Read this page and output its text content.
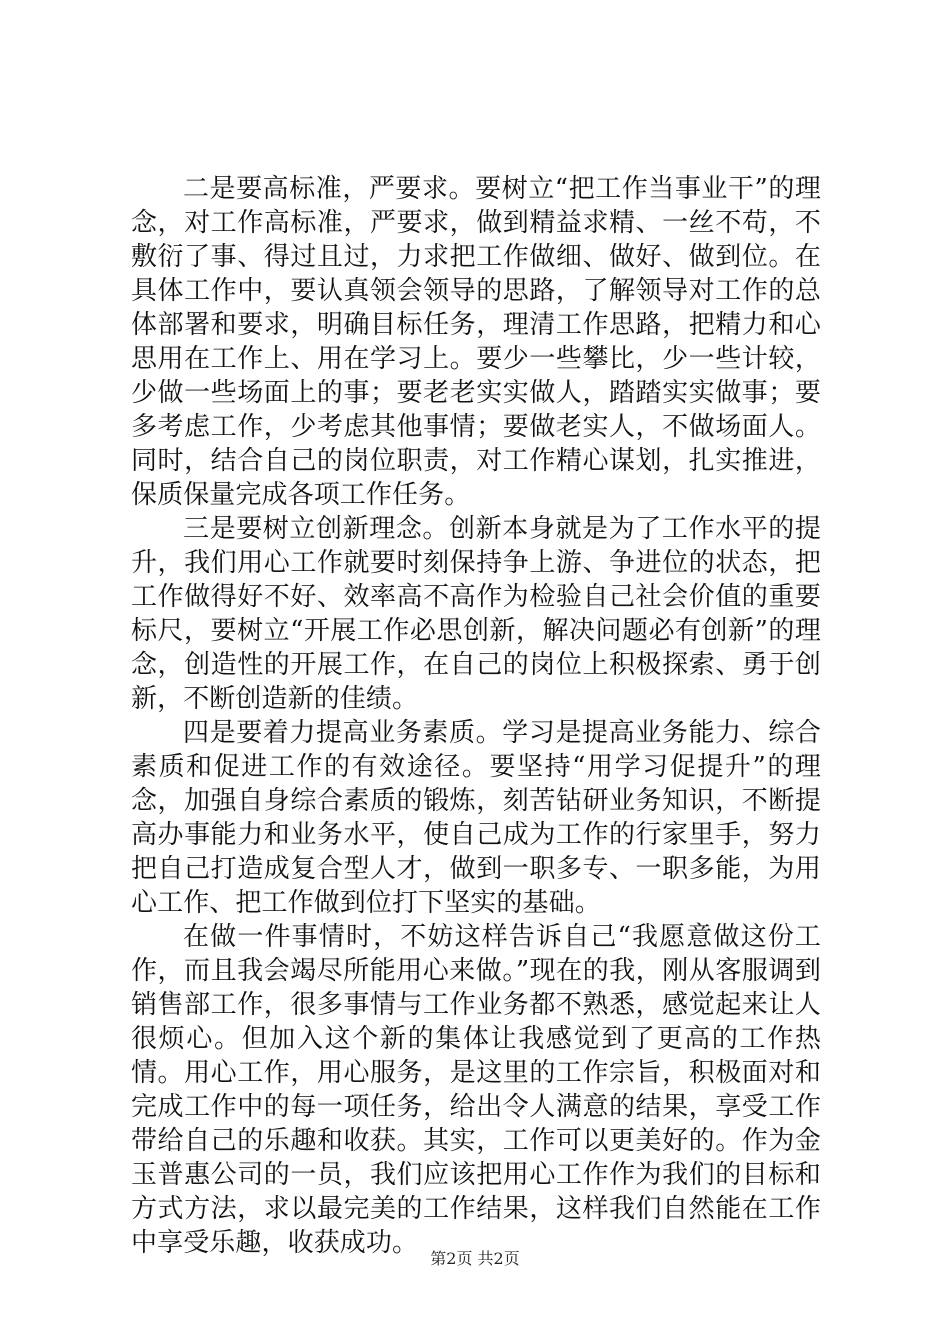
二是要高标准，严要求。要树立“把工作当事业干”的理念，对工作高标准，严要求，做到精益求精、一丝不苟，不敷衍了事、得过且过，力求把工作做细、做好、做到位。在具体工作中，要认真领会领导的思路，了解领导对工作的总体部署和要求，明确目标任务，理清工作思路，把精力和心思用在工作上、用在学习上。要少一些攀比，少一些计较，少做一些场面上的事；要老老实实做人，踏踏实实做事；要多考虑工作，少考虑其他事情；要做老实人，不做场面人。同时，结合自己的岗位职责，对工作精心谋划，扎实推进，保质保量完成各项工作任务。

三是要树立创新理念。创新本身就是为了工作水平的提升，我们用心工作就要时刻保持争上游、争进位的状态，把工作做得好不好、效率高不高作为检验自己社会价值的重要标尺，要树立“开展工作必思创新，解决问题必有创新”的理念，创造性的开展工作，在自己的岗位上积极探索、勇于创新，不断创造新的佳绩。

四是要着力提高业务素质。学习是提高业务能力、综合素质和促进工作的有效途径。要坚持“用学习促提升”的理念，加强自身综合素质的锻炼，刻苦钻研业务知识，不断提高办事能力和业务水平，使自己成为工作的行家里手，努力把自己打造成复合型人才，做到一职多专、一职多能，为用心工作、把工作做到位打下坚实的基础。

在做一件事情时，不妨这样告诉自己“我愿意做这份工作，而且我会竭尽所能用心来做。”现在的我，刚从客服调到销售部工作，很多事情与工作业务都不熟悉，感觉起来让人很烦心。但加入这个新的集体让我感觉到了更高的工作热情。用心工作，用心服务，是这里的工作宗旨，积极面对和完成工作中的每一项任务，给出令人满意的结果，享受工作带给自己的乐趣和收获。其实，工作可以更美好的。作为金玉普惠公司的一员，我们应该把用心工作作为我们的目标和方式方法，求以最完美的工作结果，这样我们自然能在工作中享受乐趣，收获成功。

第2页 共2页
